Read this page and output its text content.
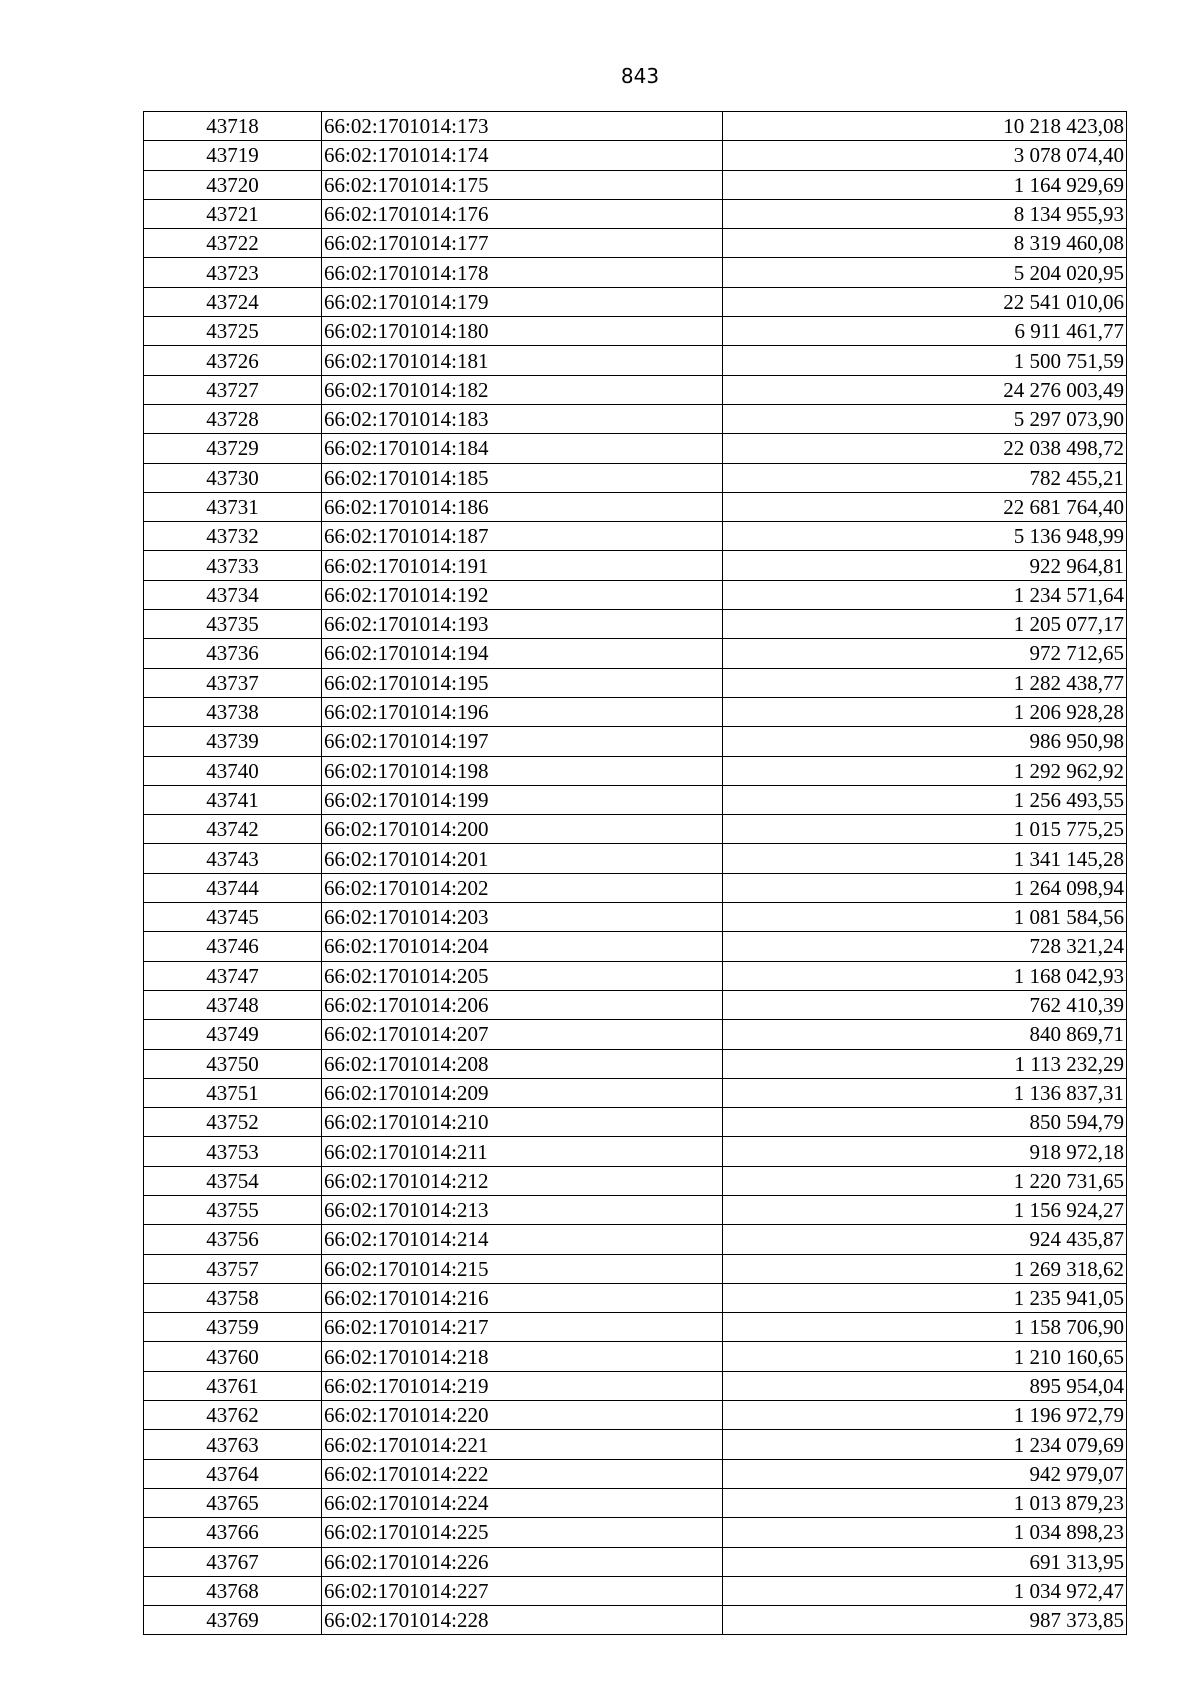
843
43718	66:02:1701014:173	10 218 423,08
43719	66:02:1701014:174	3 078 074,40
43720	66:02:1701014:175	1 164 929,69
43721	66:02:1701014:176	8 134 955,93
43722	66:02:1701014:177	8 319 460,08
43723	66:02:1701014:178	5 204 020,95
43724	66:02:1701014:179	22 541 010,06
43725	66:02:1701014:180	6 911 461,77
43726	66:02:1701014:181	1 500 751,59
43727	66:02:1701014:182	24 276 003,49
43728	66:02:1701014:183	5 297 073,90
43729	66:02:1701014:184	22 038 498,72
43730	66:02:1701014:185	782 455,21
43731	66:02:1701014:186	22 681 764,40
43732	66:02:1701014:187	5 136 948,99
43733	66:02:1701014:191	922 964,81
43734	66:02:1701014:192	1 234 571,64
43735	66:02:1701014:193	1 205 077,17
43736	66:02:1701014:194	972 712,65
43737	66:02:1701014:195	1 282 438,77
43738	66:02:1701014:196	1 206 928,28
43739	66:02:1701014:197	986 950,98
43740	66:02:1701014:198	1 292 962,92
43741	66:02:1701014:199	1 256 493,55
43742	66:02:1701014:200	1 015 775,25
43743	66:02:1701014:201	1 341 145,28
43744	66:02:1701014:202	1 264 098,94
43745	66:02:1701014:203	1 081 584,56
43746	66:02:1701014:204	728 321,24
43747	66:02:1701014:205	1 168 042,93
43748	66:02:1701014:206	762 410,39
43749	66:02:1701014:207	840 869,71
43750	66:02:1701014:208	1 113 232,29
43751	66:02:1701014:209	1 136 837,31
43752	66:02:1701014:210	850 594,79
43753	66:02:1701014:211	918 972,18
43754	66:02:1701014:212	1 220 731,65
43755	66:02:1701014:213	1 156 924,27
43756	66:02:1701014:214	924 435,87
43757	66:02:1701014:215	1 269 318,62
43758	66:02:1701014:216	1 235 941,05
43759	66:02:1701014:217	1 158 706,90
43760	66:02:1701014:218	1 210 160,65
43761	66:02:1701014:219	895 954,04
43762	66:02:1701014:220	1 196 972,79
43763	66:02:1701014:221	1 234 079,69
43764	66:02:1701014:222	942 979,07
43765	66:02:1701014:224	1 013 879,23
43766	66:02:1701014:225	1 034 898,23
43767	66:02:1701014:226	691 313,95
43768	66:02:1701014:227	1 034 972,47
43769	66:02:1701014:228	987 373,85
